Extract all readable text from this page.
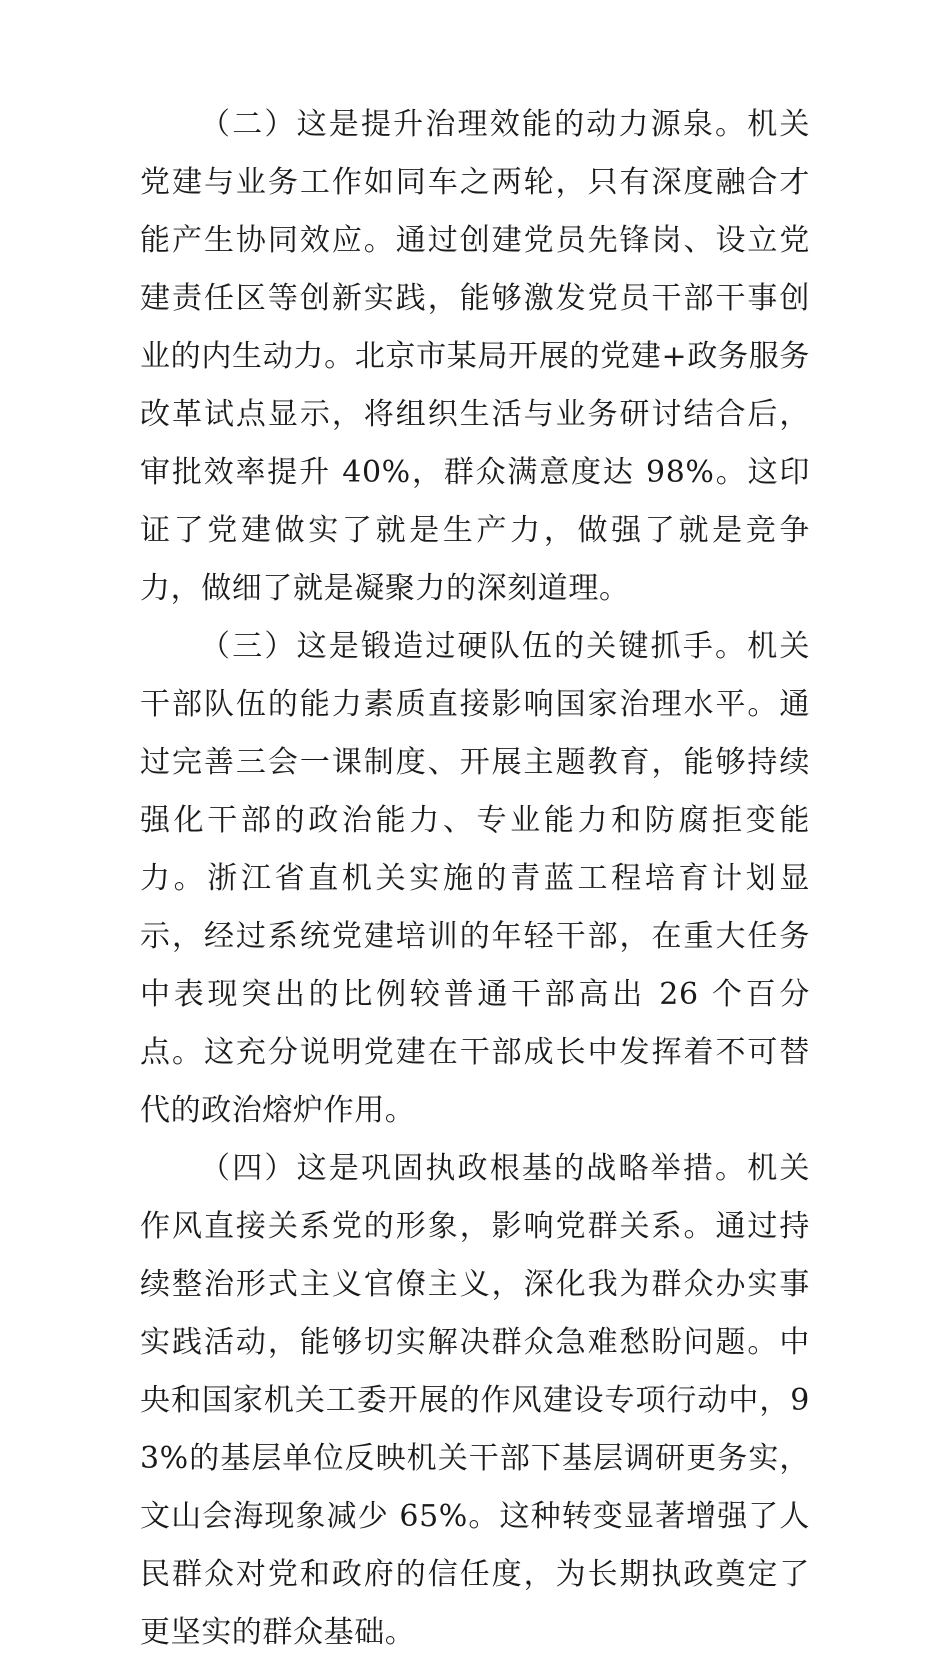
（二）这是提升治理效能的动力源泉。机关党建与业务工作如同车之两轮，只有深度融合才能产生协同效应。通过创建党员先锋岗、设立党建责任区等创新实践，能够激发党员干部干事创业的内生动力。北京市某局开展的党建+政务服务改革试点显示，将组织生活与业务研讨结合后，审批效率提升 40%，群众满意度达 98%。这印证了党建做实了就是生产力，做强了就是竞争力，做细了就是凝聚力的深刻道理。

（三）这是锻造过硬队伍的关键抓手。机关干部队伍的能力素质直接影响国家治理水平。通过完善三会一课制度、开展主题教育，能够持续强化干部的政治能力、专业能力和防腐拒变能力。浙江省直机关实施的青蓝工程培育计划显示，经过系统党建培训的年轻干部，在重大任务中表现突出的比例较普通干部高出 26 个百分点。这充分说明党建在干部成长中发挥着不可替代的政治熔炉作用。

（四）这是巩固执政根基的战略举措。机关作风直接关系党的形象，影响党群关系。通过持续整治形式主义官僚主义，深化我为群众办实事实践活动，能够切实解决群众急难愁盼问题。中央和国家机关工委开展的作风建设专项行动中，93%的基层单位反映机关干部下基层调研更务实，文山会海现象减少 65%。这种转变显著增强了人民群众对党和政府的信任度，为长期执政奠定了更坚实的群众基础。
